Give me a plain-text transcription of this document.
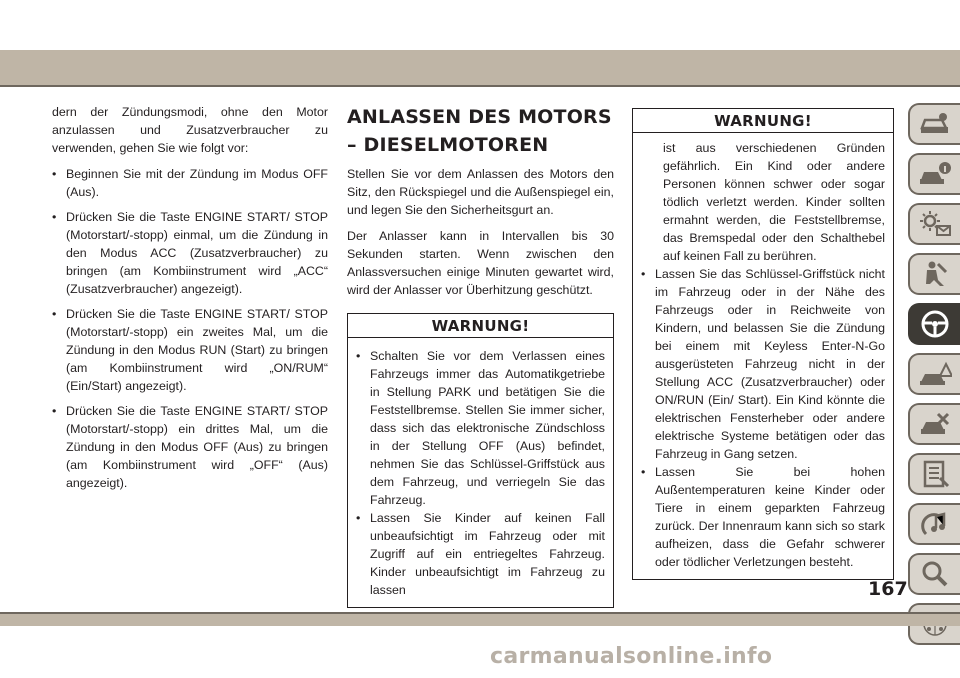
dern der Zündungsmodi, ohne den Motor anzulassen und Zusatzverbraucher zu verwenden, gehen Sie wie folgt vor:

• Beginnen Sie mit der Zündung im Modus OFF (Aus).
• Drücken Sie die Taste ENGINE START/ STOP (Motorstart/-stopp) einmal, um die Zündung in den Modus ACC (Zusatzverbraucher) zu bringen (am Kombiinstrument wird „ACC“ (Zusatzverbraucher) angezeigt).
• Drücken Sie die Taste ENGINE START/ STOP (Motorstart/-stopp) ein zweites Mal, um die Zündung in den Modus RUN (Start) zu bringen (am Kombiinstrument wird „ON/RUM“ (Ein/Start) angezeigt).
• Drücken Sie die Taste ENGINE START/ STOP (Motorstart/-stopp) ein drittes Mal, um die Zündung in den Modus OFF (Aus) zu bringen (am Kombiinstrument wird „OFF“ (Aus) angezeigt).
ANLASSEN DES MOTORS – DIESELMOTOREN

Stellen Sie vor dem Anlassen des Motors den Sitz, den Rückspiegel und die Außenspiegel ein, und legen Sie den Sicherheitsgurt an.

Der Anlasser kann in Intervallen bis 30 Sekunden starten. Wenn zwischen den Anlassversuchen einige Minuten gewartet wird, wird der Anlasser vor Überhitzung geschützt.

WARNUNG!
• Schalten Sie vor dem Verlassen eines Fahrzeugs immer das Automatikgetriebe in Stellung PARK und betätigen Sie die Feststellbremse. Stellen Sie immer sicher, dass sich das elektronische Zündschloss in der Stellung OFF (Aus) befindet, nehmen Sie das Schlüssel-Griffstück aus dem Fahrzeug, und verriegeln Sie das Fahrzeug.
• Lassen Sie Kinder auf keinen Fall unbeaufsichtigt im Fahrzeug oder mit Zugriff auf ein entriegeltes Fahrzeug. Kinder unbeaufsichtigt im Fahrzeug zu lassen
WARNUNG!
ist aus verschiedenen Gründen gefährlich. Ein Kind oder andere Personen können schwer oder sogar tödlich verletzt werden. Kinder sollten ermahnt werden, die Feststellbremse, das Bremspedal oder den Schalthebel auf keinen Fall zu berühren.
• Lassen Sie das Schlüssel-Griffstück nicht im Fahrzeug oder in der Nähe des Fahrzeugs oder in Reichweite von Kindern, und belassen Sie die Zündung bei einem mit Keyless Enter-N-Go ausgerüsteten Fahrzeug nicht in der Stellung ACC (Zusatzverbraucher) oder ON/RUN (Ein/ Start). Ein Kind könnte die elektrischen Fensterheber oder andere elektrische Systeme betätigen oder das Fahrzeug in Gang setzen.
• Lassen Sie bei hohen Außentemperaturen keine Kinder oder Tiere in einem geparkten Fahrzeug zurück. Der Innenraum kann sich so stark aufheizen, dass die Gefahr schwerer oder tödlicher Verletzungen besteht.
167
carmanualsonline.info
